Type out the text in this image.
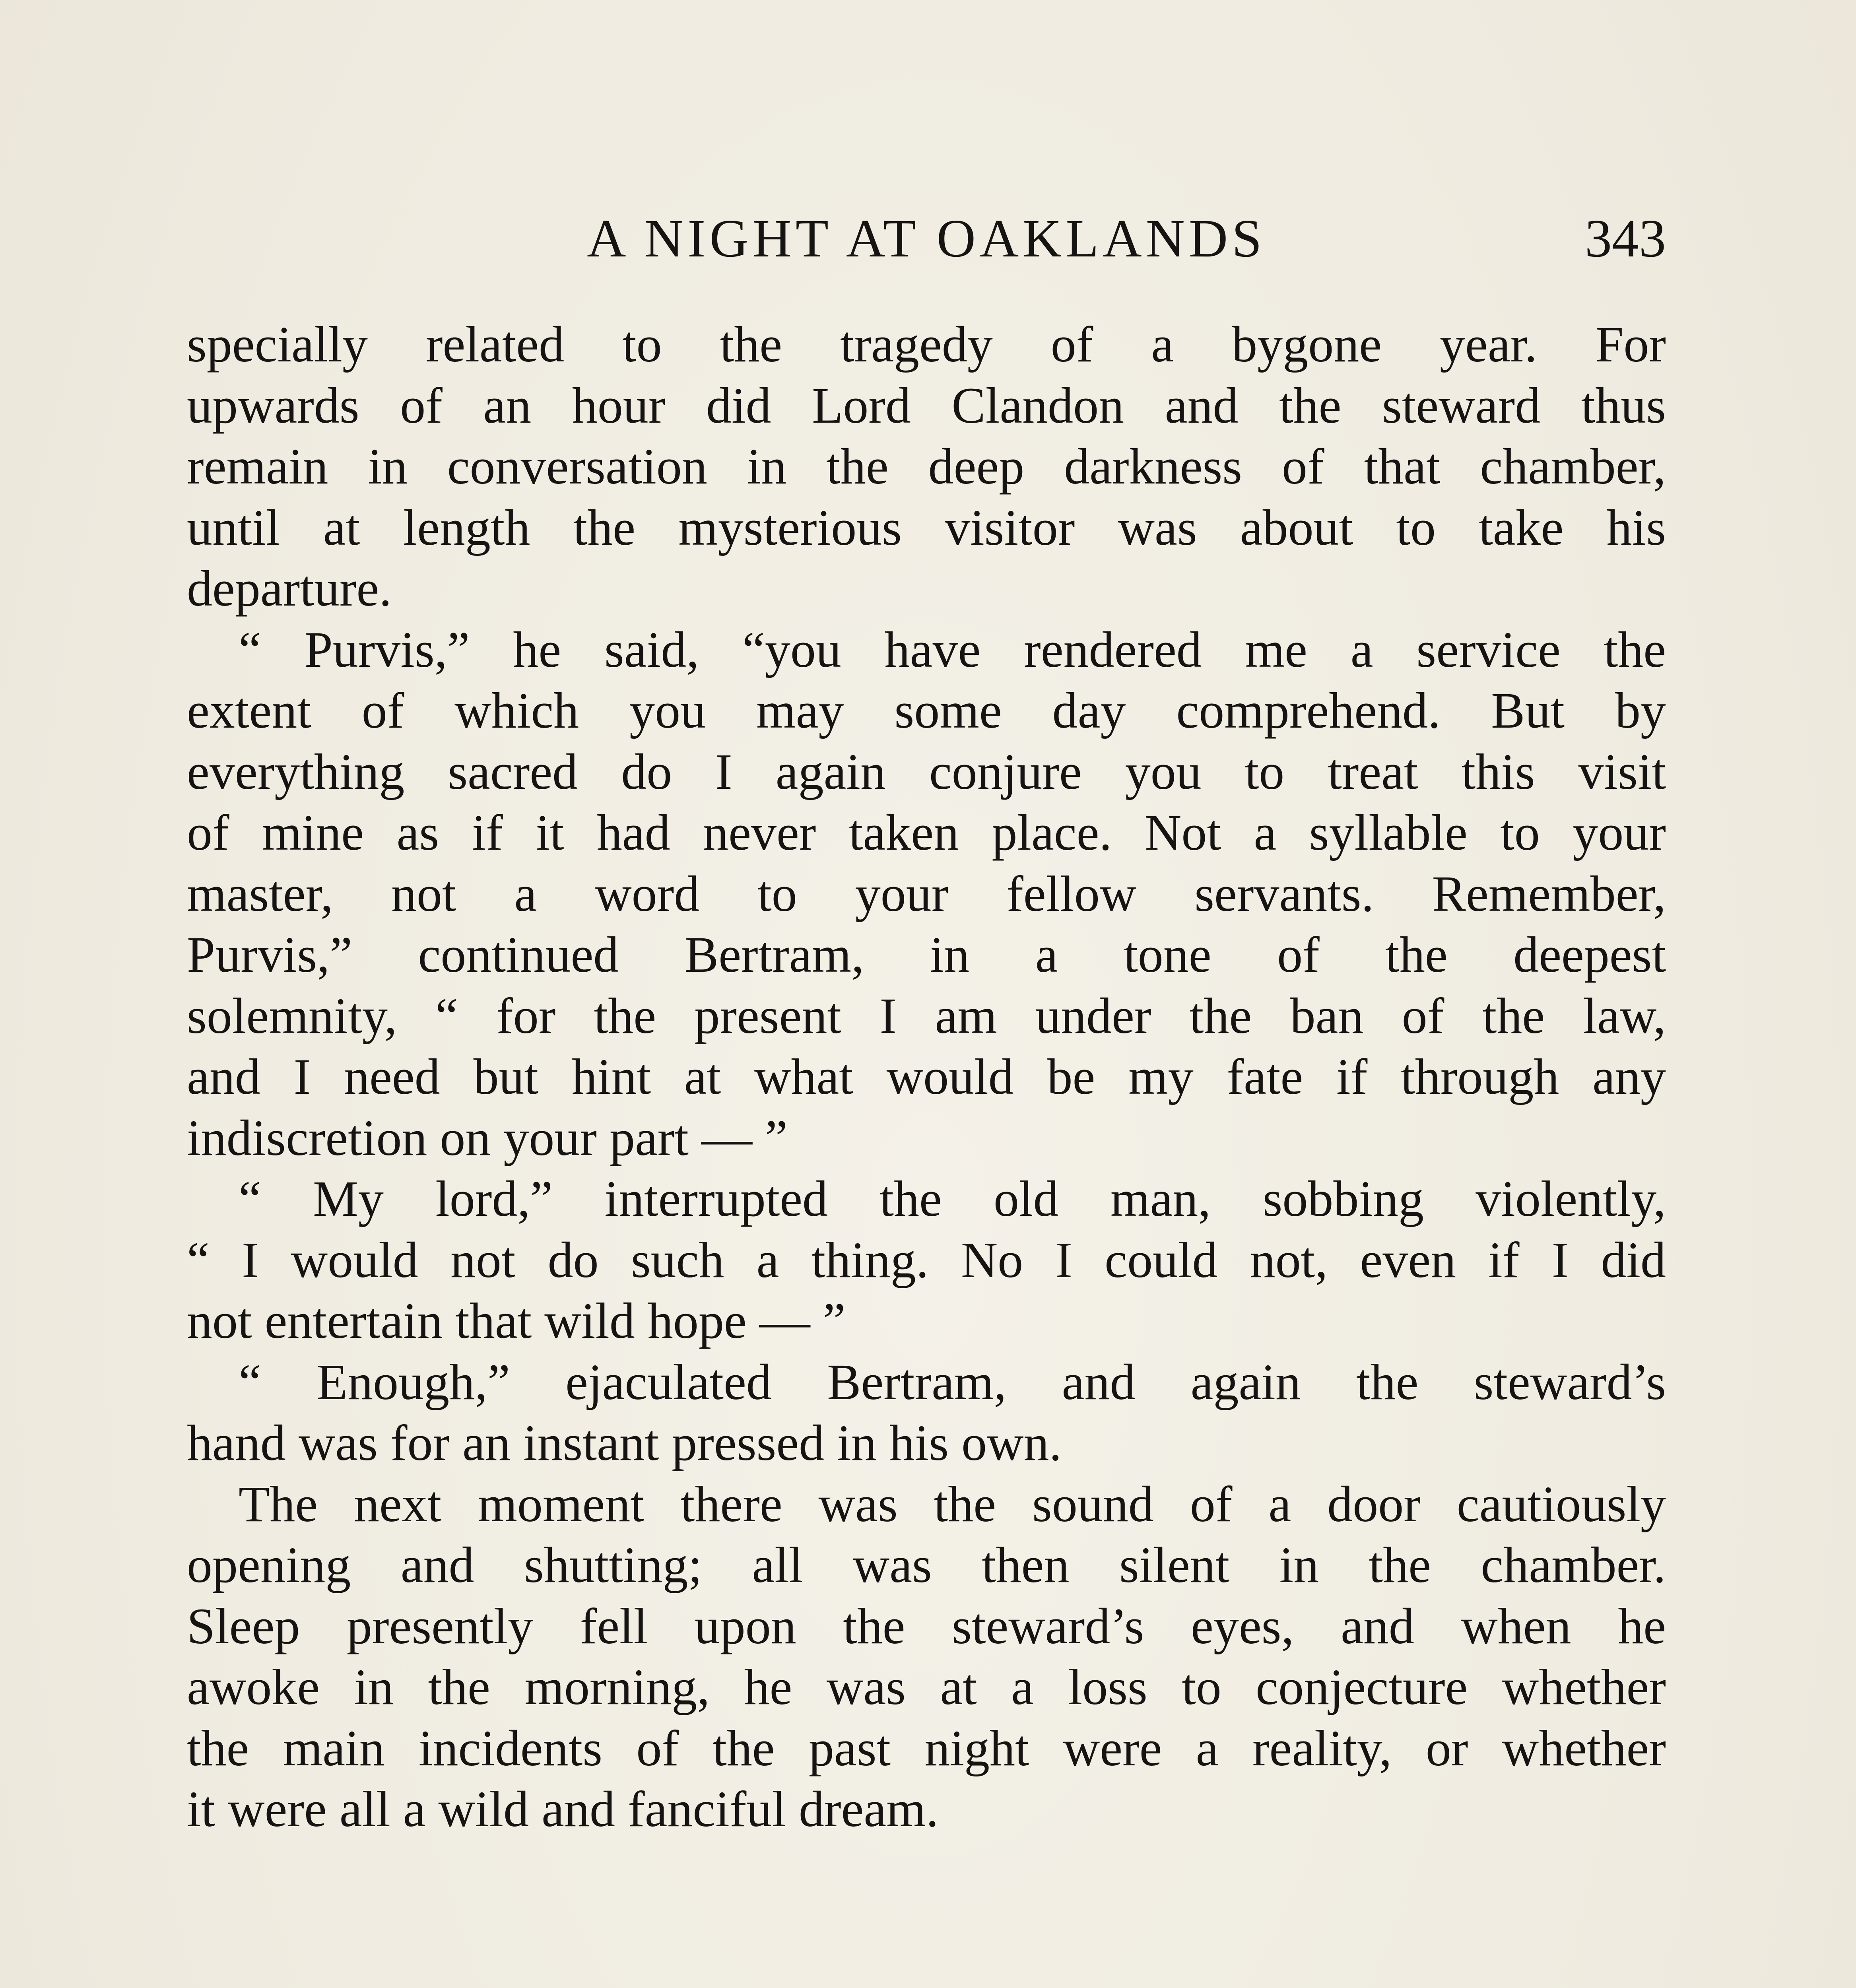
A NIGHT AT OAKLANDS	343
specially related to the tragedy of a bygone year. For
upwards of an hour did Lord Clandon and the steward thus
remain in conversation in the deep darkness of that chamber,
until at length the mysterious visitor was about to take his
departure.
“ Purvis,” he said, “you have rendered me a service the
extent of which you may some day comprehend. But by
everything sacred do I again conjure you to treat this visit
of mine as if it had never taken place. Not a syllable to your
master, not a word to your fellow servants. Remember,
Purvis,” continued Bertram, in a tone of the deepest
solemnity, “ for the present I am under the ban of the law,
and I need but hint at what would be my fate if through any
indiscretion on your part — ”
“ My lord,” interrupted the old man, sobbing violently,
“ I would not do such a thing. No I could not, even if I did
not entertain that wild hope — ”
“ Enough,” ejaculated Bertram, and again the steward’s
hand was for an instant pressed in his own.
The next moment there was the sound of a door cautiously
opening and shutting; all was then silent in the chamber.
Sleep presently fell upon the steward’s eyes, and when he
awoke in the morning, he was at a loss to conjecture whether
the main incidents of the past night were a reality, or whether
it were all a wild and fanciful dream.
